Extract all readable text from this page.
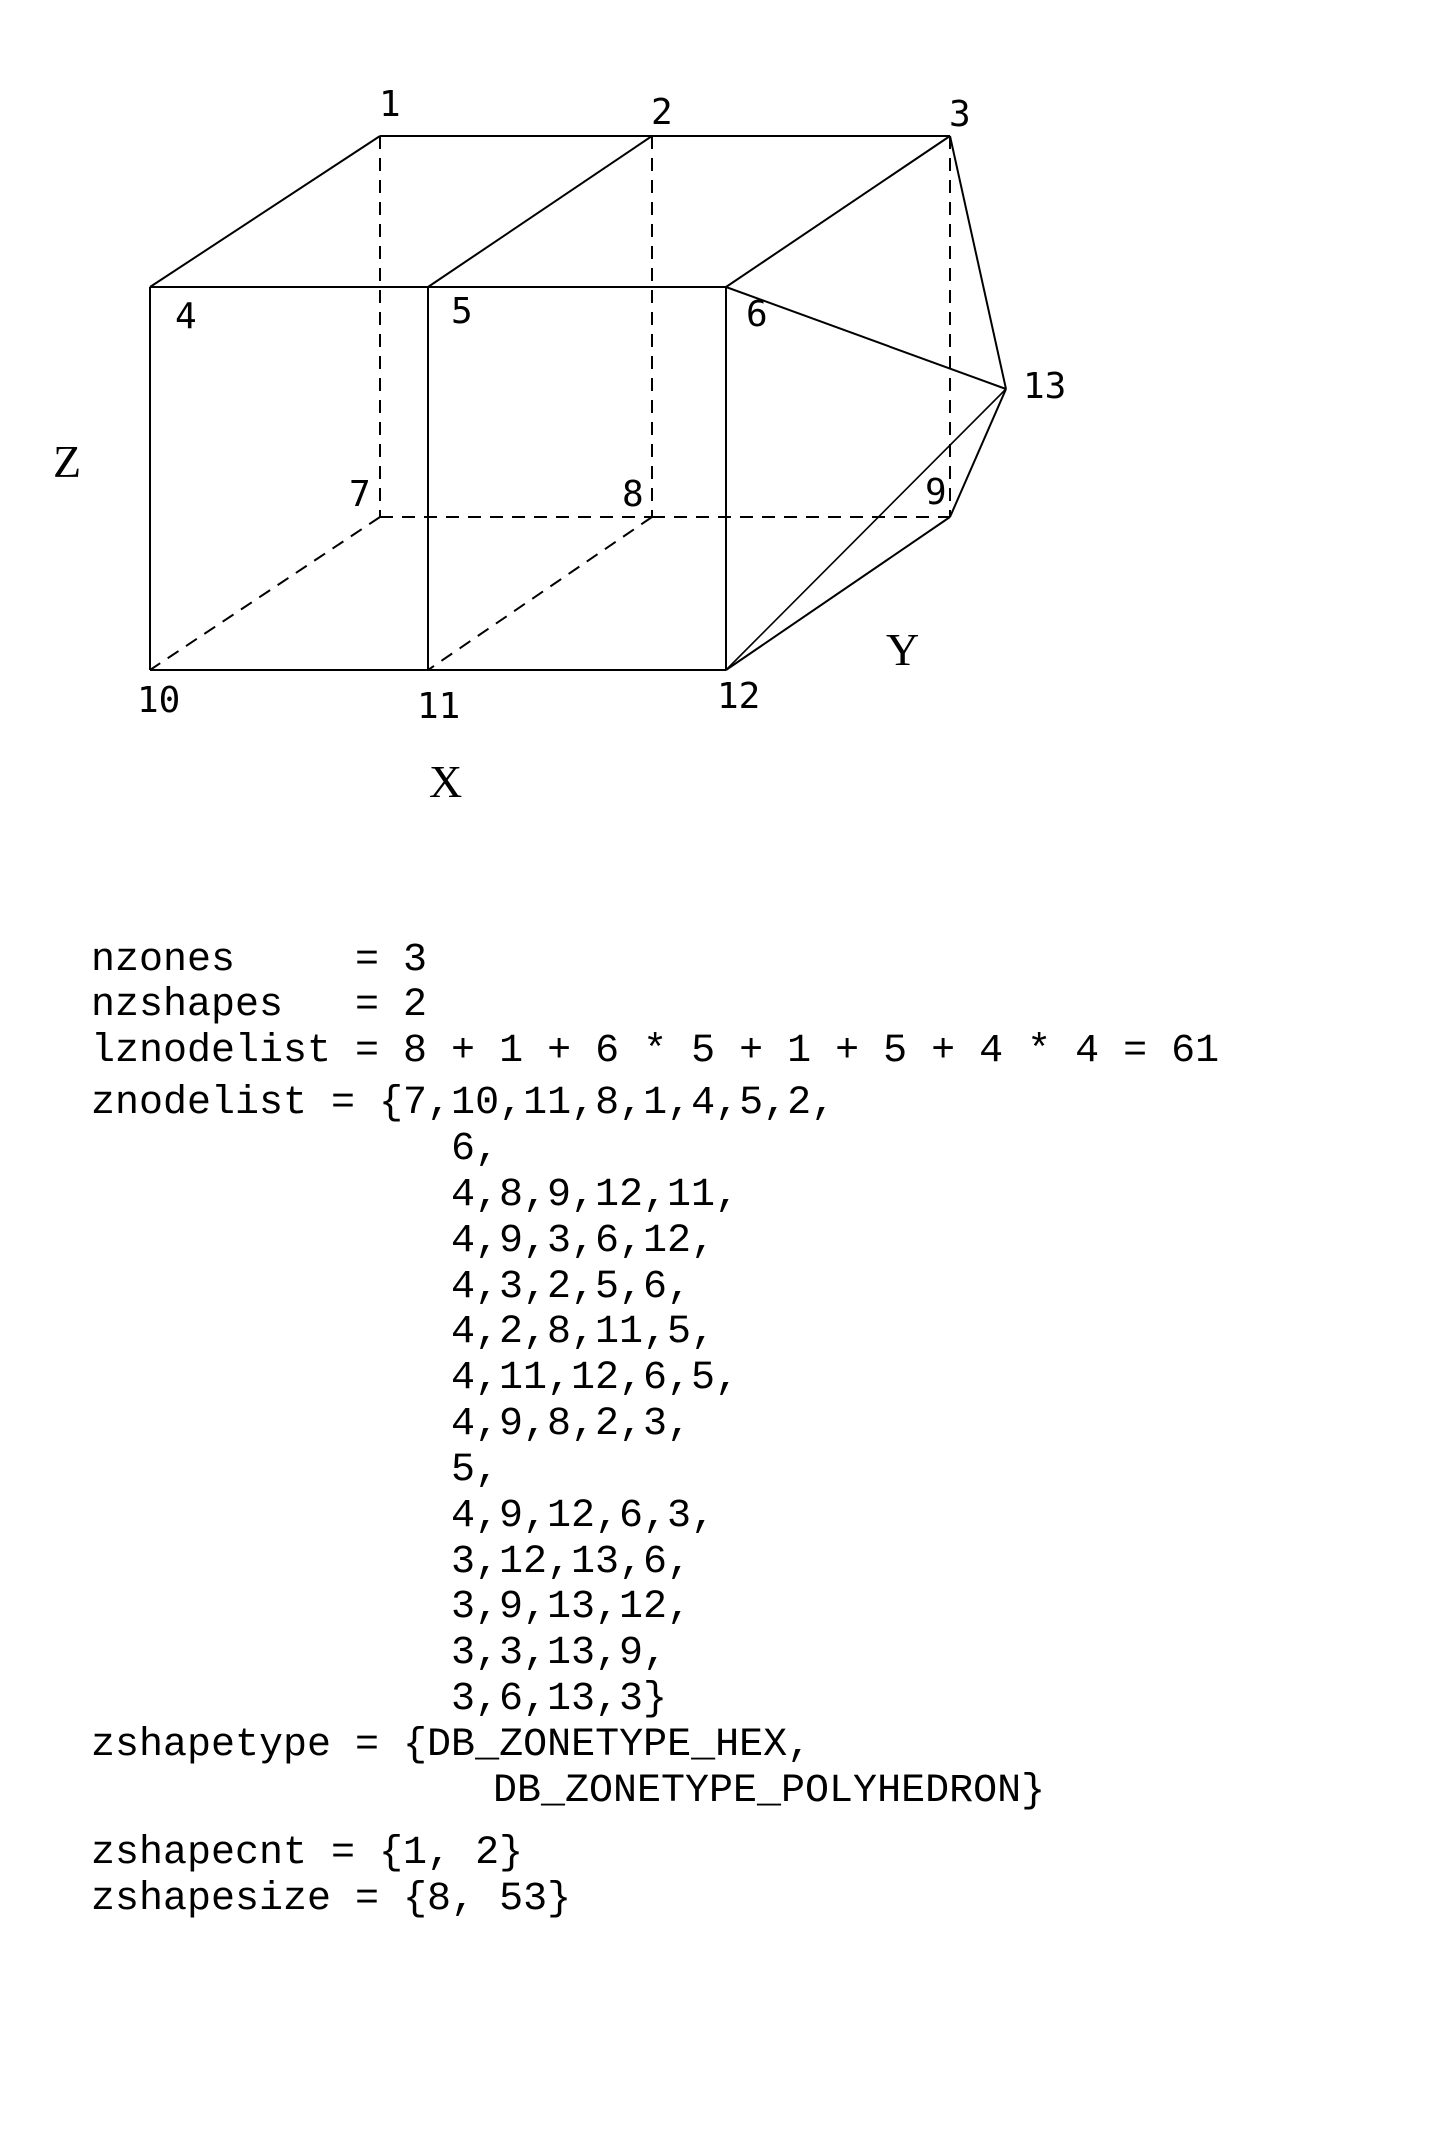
1	2	3
4	5	6
7	8	9
10	11	12
13
Z
Y
X
nzones     = 3
nzshapes   = 2
lznodelist = 8 + 1 + 6 * 5 + 1 + 5 + 4 * 4 = 61
znodelist = {7,10,11,8,1,4,5,2,
6,
4,8,9,12,11,
4,9,3,6,12,
4,3,2,5,6,
4,2,8,11,5,
4,11,12,6,5,
4,9,8,2,3,
5,
4,9,12,6,3,
3,12,13,6,
3,9,13,12,
3,3,13,9,
3,6,13,3}
zshapetype = {DB_ZONETYPE_HEX,
DB_ZONETYPE_POLYHEDRON}
zshapecnt = {1, 2}
zshapesize = {8, 53}
